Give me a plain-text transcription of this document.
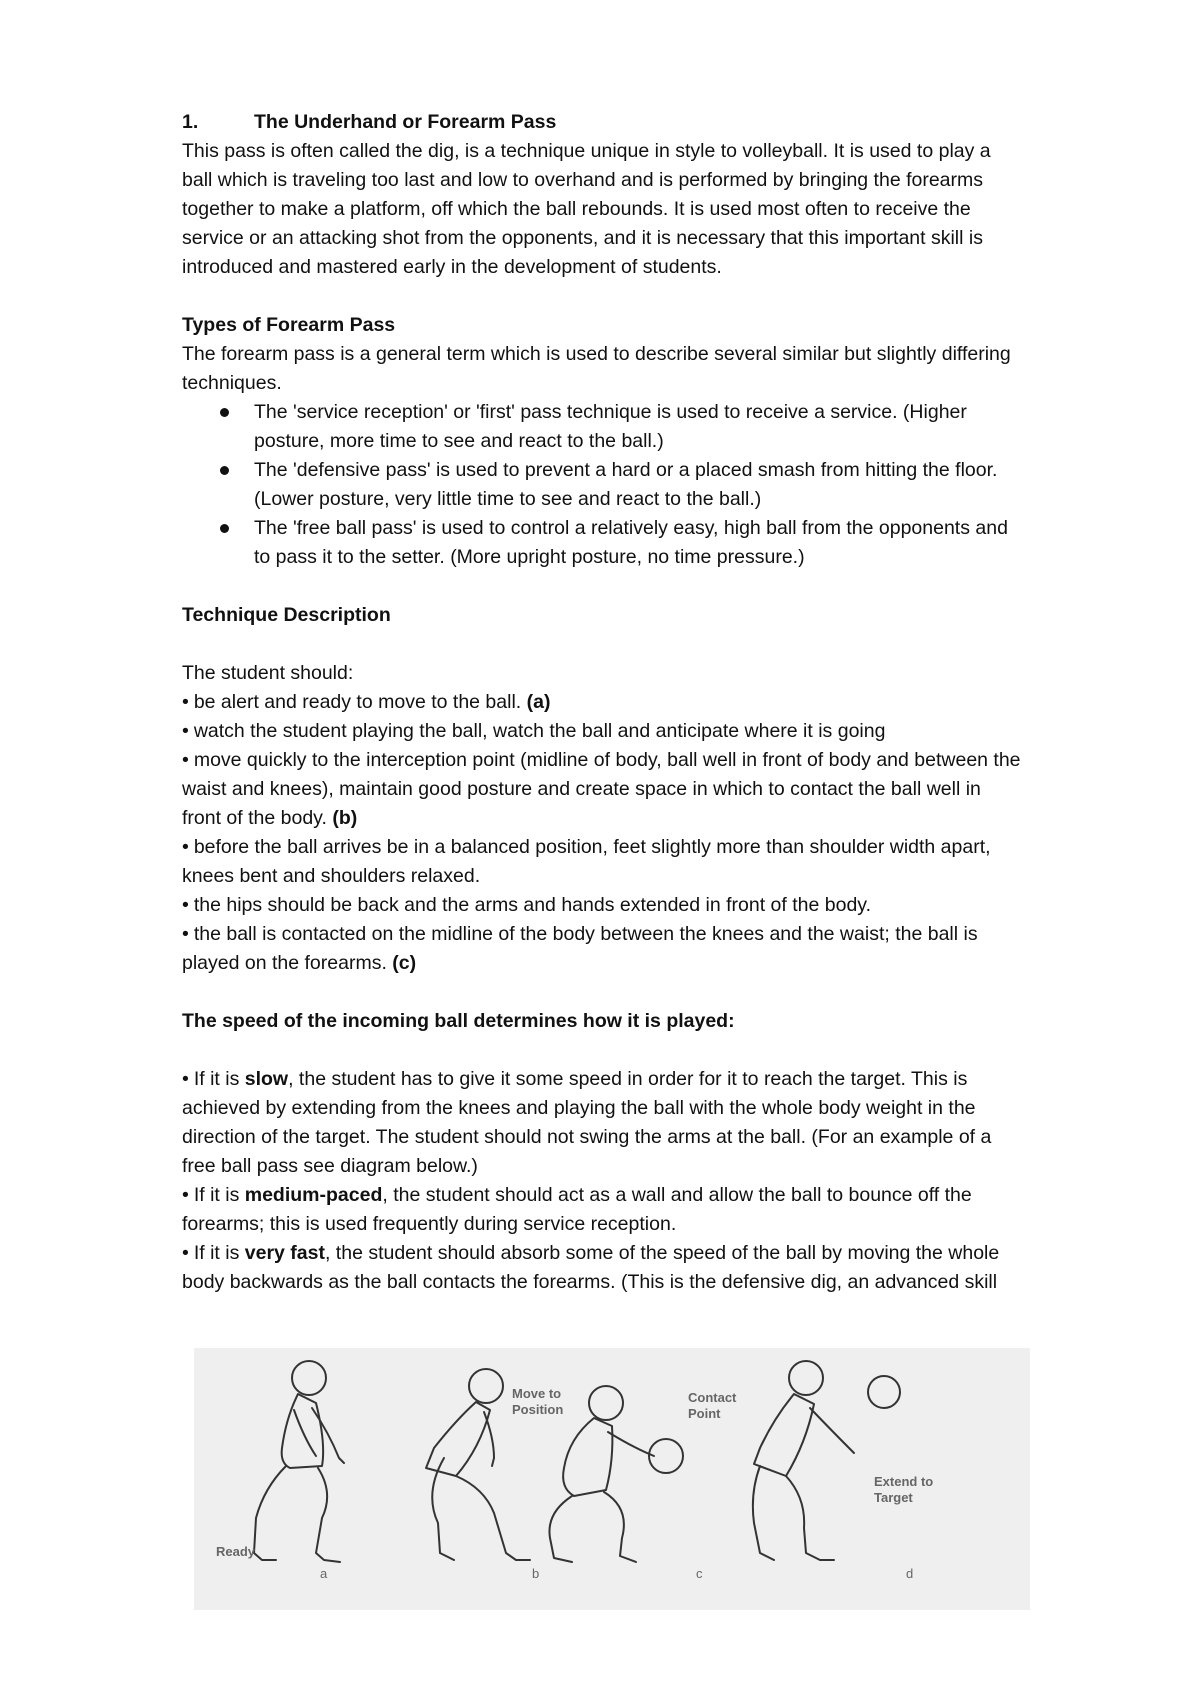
1.	The Underhand or Forearm Pass

This pass is often called the dig, is a technique unique in style to volleyball. It is used to play a ball which is traveling too last and low to overhand and is performed by bringing the forearms together to make a platform, off which the ball rebounds. It is used most often to receive the service or an attacking shot from the opponents, and it is necessary that this important skill is introduced and mastered early in the development of students.

Types of Forearm Pass

The forearm pass is a general term which is used to describe several similar but slightly differing techniques.

The 'service reception' or 'first' pass technique is used to receive a service. (Higher posture, more time to see and react to the ball.)
The 'defensive pass' is used to prevent a hard or a placed smash from hitting the floor. (Lower posture, very little time to see and react to the ball.)
The 'free ball pass' is used to control a relatively easy, high ball from the opponents and to pass it to the setter. (More upright posture, no time pressure.)

Technique Description

The student should:

• be alert and ready to move to the ball. (a)

• watch the student playing the ball, watch the ball and anticipate where it is going

• move quickly to the interception point (midline of body, ball well in front of body and between the waist and knees), maintain good posture and create space in which to contact the ball well in front of the body. (b)

• before the ball arrives be in a balanced position, feet slightly more than shoulder width apart, knees bent and shoulders relaxed.

• the hips should be back and the arms and hands extended in front of the body.

• the ball is contacted on the midline of the body between the knees and the waist; the ball is played on the forearms. (c)

The speed of the incoming ball determines how it is played:

• If it is slow, the student has to give it some speed in order for it to reach the target. This is achieved by extending from the knees and playing the ball with the whole body weight in the direction of the target. The student should not swing the arms at the ball. (For an example of a free ball pass see diagram below.)

• If it is medium-paced, the student should act as a wall and allow the ball to bounce off the forearms; this is used frequently during service reception.

• If it is very fast, the student should absorb some of the speed of the ball by moving the whole body backwards as the ball contacts the forearms. (This is the defensive dig, an advanced skill

Ready
Move to
Position
Contact
Point
Extend to
Target
a	b	c	d
